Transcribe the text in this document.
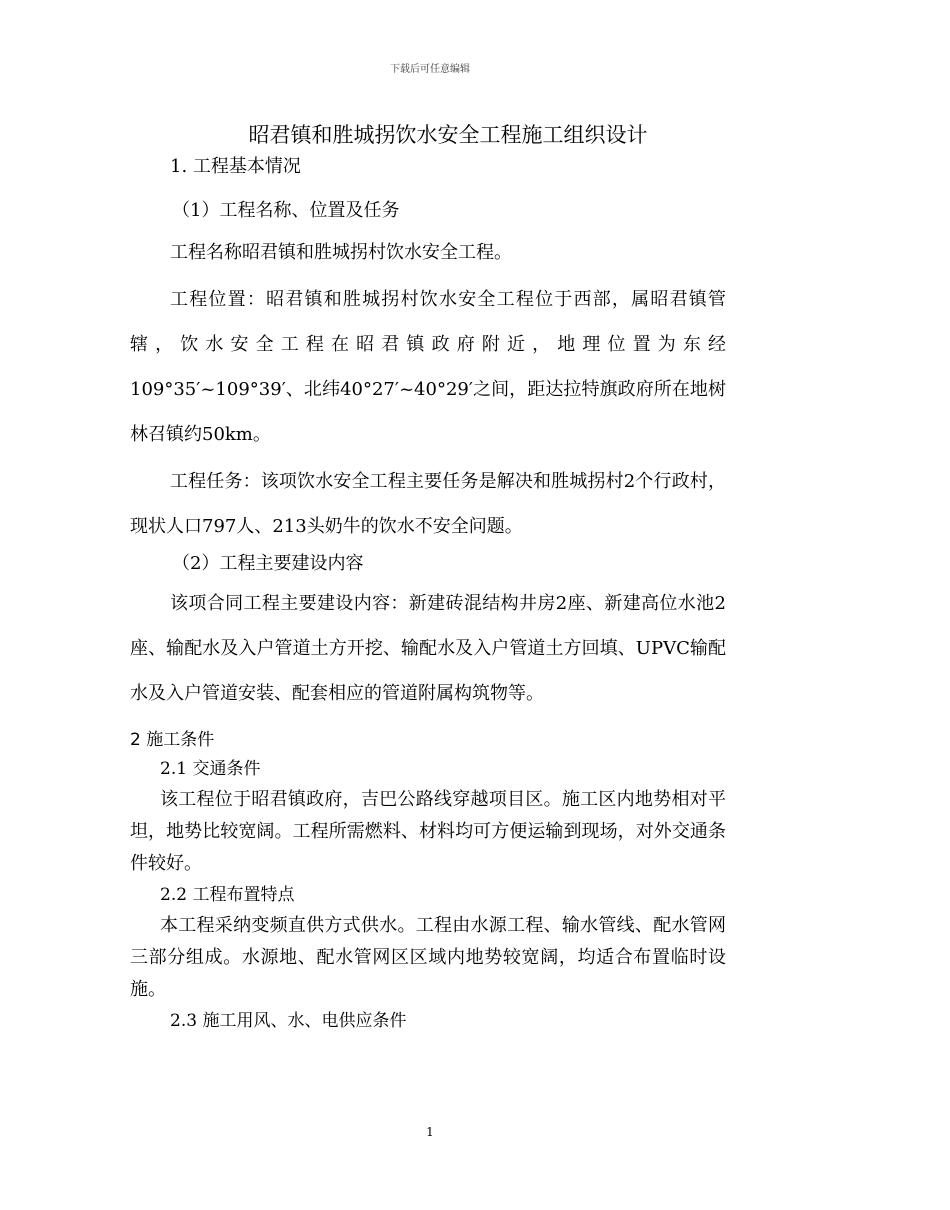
下载后可任意编辑
昭君镇和胜城拐饮水安全工程施工组织设计
1. 工程基本情况
（1）工程名称、位置及任务
工程名称昭君镇和胜城拐村饮水安全工程。
工程位置：昭君镇和胜城拐村饮水安全工程位于西部，属昭君镇管辖，饮水安全工程在昭君镇政府附近，地理位置为东经109°35′~109°39′、北纬40°27′~40°29′之间，距达拉特旗政府所在地树林召镇约50km。
工程任务：该项饮水安全工程主要任务是解决和胜城拐村2个行政村，现状人口797人、213头奶牛的饮水不安全问题。
（2）工程主要建设内容
该项合同工程主要建设内容：新建砖混结构井房2座、新建高位水池2座、输配水及入户管道土方开挖、输配水及入户管道土方回填、UPVC输配水及入户管道安装、配套相应的管道附属构筑物等。
2 施工条件
2.1 交通条件
该工程位于昭君镇政府，吉巴公路线穿越项目区。施工区内地势相对平坦，地势比较宽阔。工程所需燃料、材料均可方便运输到现场，对外交通条件较好。
2.2 工程布置特点
本工程采纳变频直供方式供水。工程由水源工程、输水管线、配水管网三部分组成。水源地、配水管网区区域内地势较宽阔，均适合布置临时设施。
2.3 施工用风、水、电供应条件
1
